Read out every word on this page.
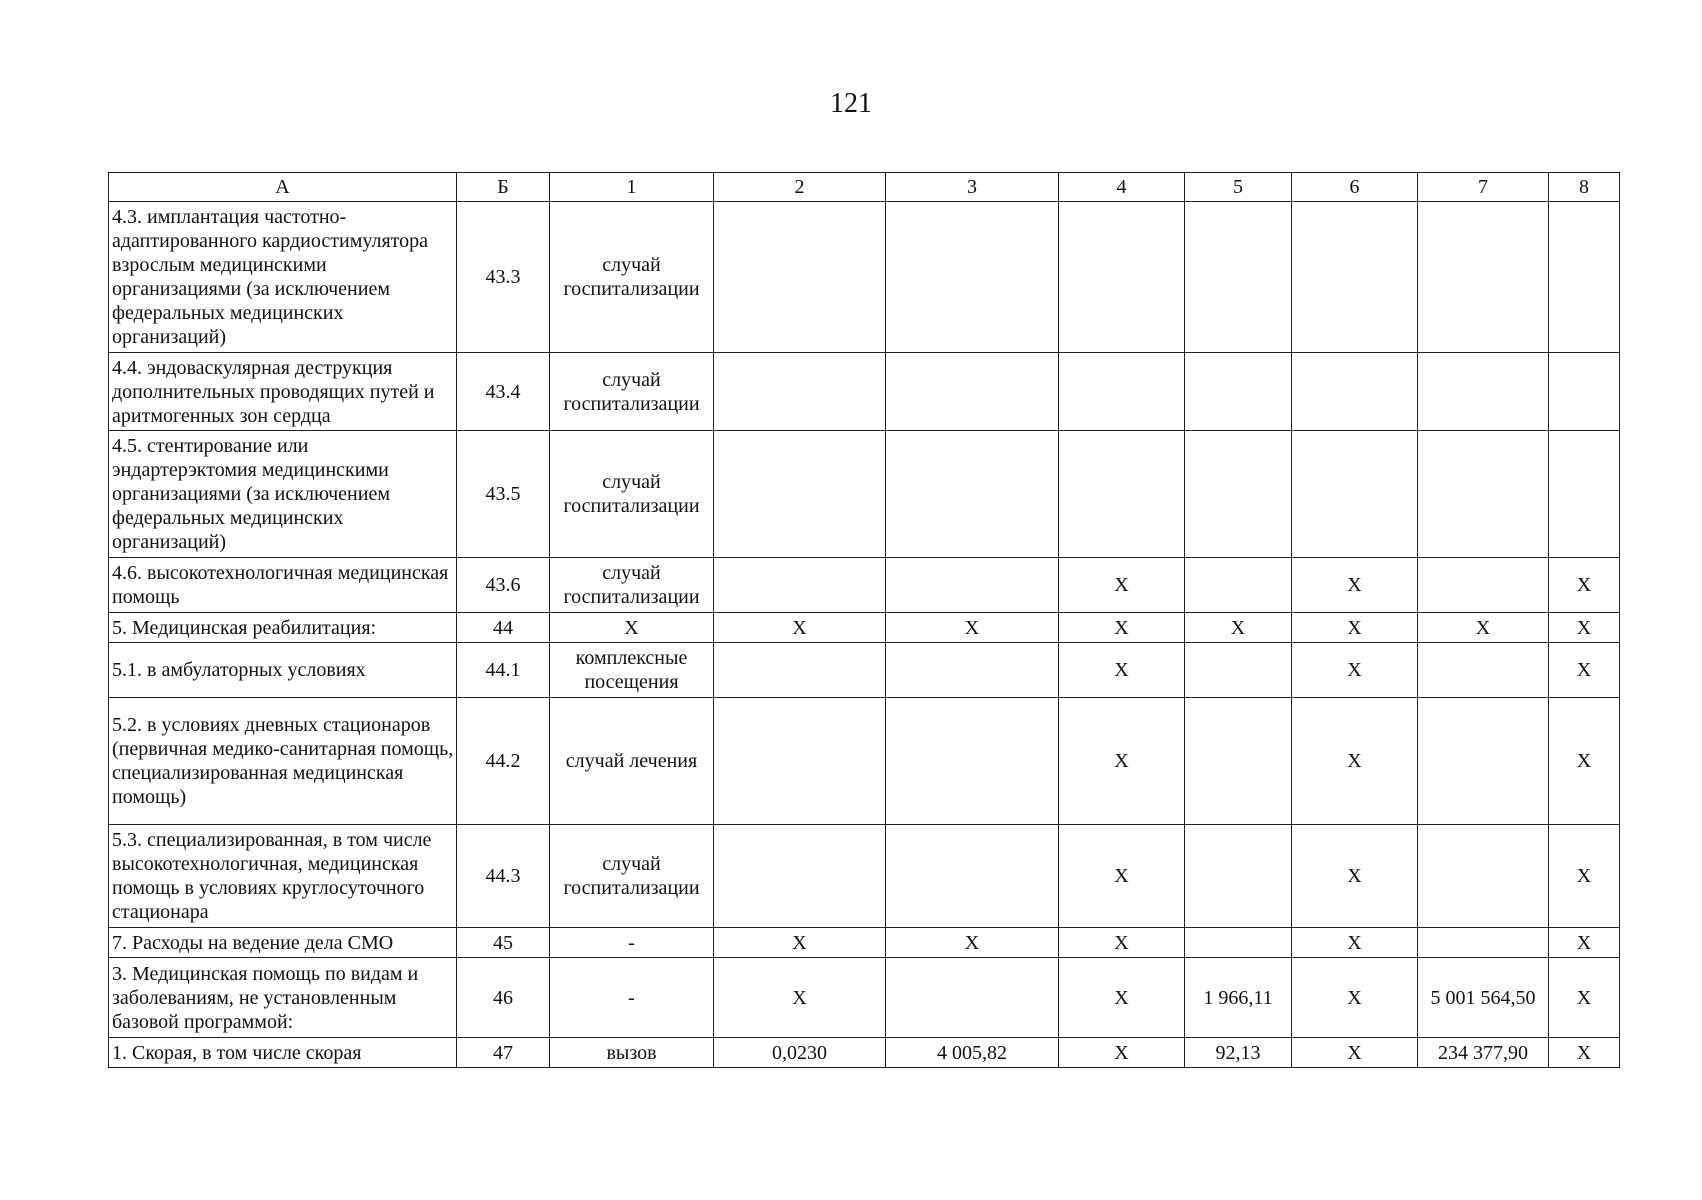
121
А	Б	1	2	3	4	5	6	7	8
4.3. имплантация частотно-адаптированного кардиостимулятора взрослым медицинскими организациями (за исключением федеральных медицинских организаций)	43.3	случай госпитализации							
4.4. эндоваскулярная деструкция дополнительных проводящих путей и аритмогенных зон сердца	43.4	случай госпитализации							
4.5. стентирование или эндартерэктомия медицинскими организациями (за исключением федеральных медицинских организаций)	43.5	случай госпитализации							
4.6. высокотехнологичная медицинская помощь	43.6	случай госпитализации			Х		Х		Х
5. Медицинская реабилитация:	44	Х	Х	Х	Х	Х	Х	Х	Х
5.1. в амбулаторных условиях	44.1	комплексные посещения			Х		Х		Х
5.2. в условиях дневных стационаров (первичная медико-санитарная помощь, специализированная медицинская помощь)	44.2	случай лечения			Х		Х		Х
5.3. специализированная, в том числе высокотехнологичная, медицинская помощь в условиях круглосуточного стационара	44.3	случай госпитализации			Х		Х		Х
7. Расходы на ведение дела СМО	45	-	Х	Х	Х		Х		Х
3. Медицинская помощь по видам и заболеваниям, не установленным базовой программой:	46	-	Х		Х	1 966,11	Х	5 001 564,50	Х
1. Скорая, в том числе скорая	47	вызов	0,0230	4 005,82	Х	92,13	Х	234 377,90	Х
